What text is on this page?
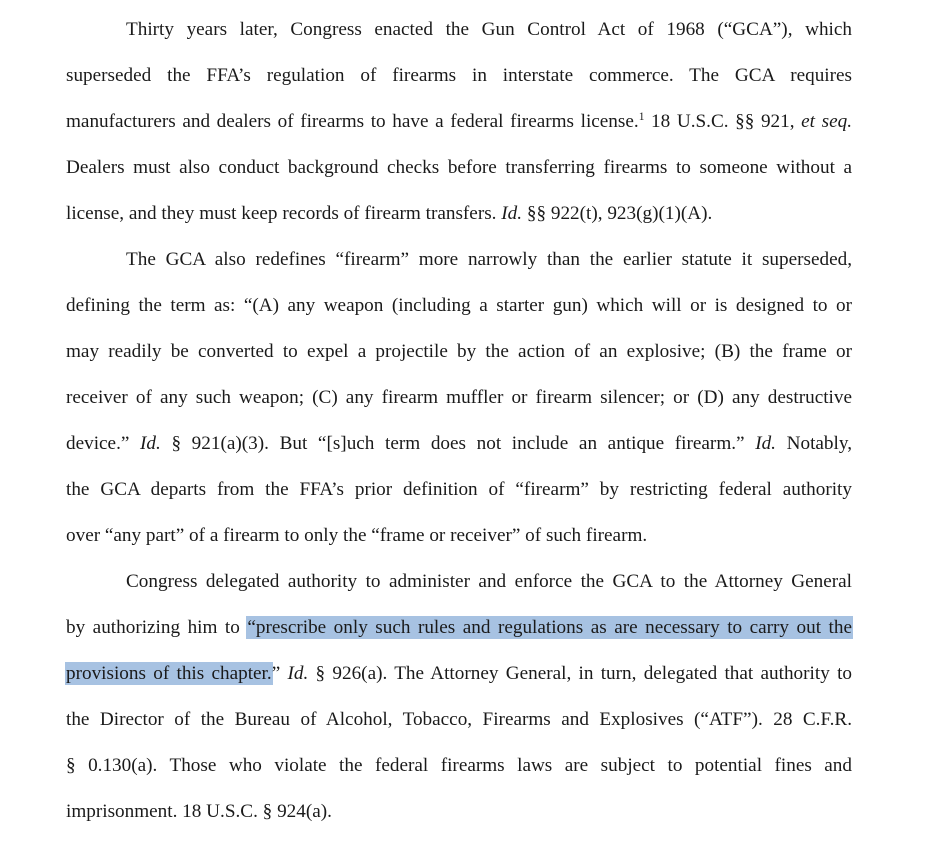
Thirty years later, Congress enacted the Gun Control Act of 1968 (“GCA”), which
superseded the FFA’s regulation of firearms in interstate commerce. The GCA requires
manufacturers and dealers of firearms to have a federal firearms license.$^1$ 18 U.S.C. §§ 921, et seq.
Dealers must also conduct background checks before transferring firearms to someone without a
license, and they must keep records of firearm transfers. Id. §§ 922(t), 923(g)(1)(A).
The GCA also redefines “firearm” more narrowly than the earlier statute it superseded,
defining the term as: “(A) any weapon (including a starter gun) which will or is designed to or
may readily be converted to expel a projectile by the action of an explosive; (B) the frame or
receiver of any such weapon; (C) any firearm muffler or firearm silencer; or (D) any destructive
device.” Id. § 921(a)(3). But “[s]uch term does not include an antique firearm.” Id. Notably,
the GCA departs from the FFA’s prior definition of “firearm” by restricting federal authority
over “any part” of a firearm to only the “frame or receiver” of such firearm.
Congress delegated authority to administer and enforce the GCA to the Attorney General
by authorizing him to “prescribe only such rules and regulations as are necessary to carry out the
provisions of this chapter.” Id. § 926(a). The Attorney General, in turn, delegated that authority to
the Director of the Bureau of Alcohol, Tobacco, Firearms and Explosives (“ATF”). 28 C.F.R.
§ 0.130(a). Those who violate the federal firearms laws are subject to potential fines and
imprisonment. 18 U.S.C. § 924(a).
